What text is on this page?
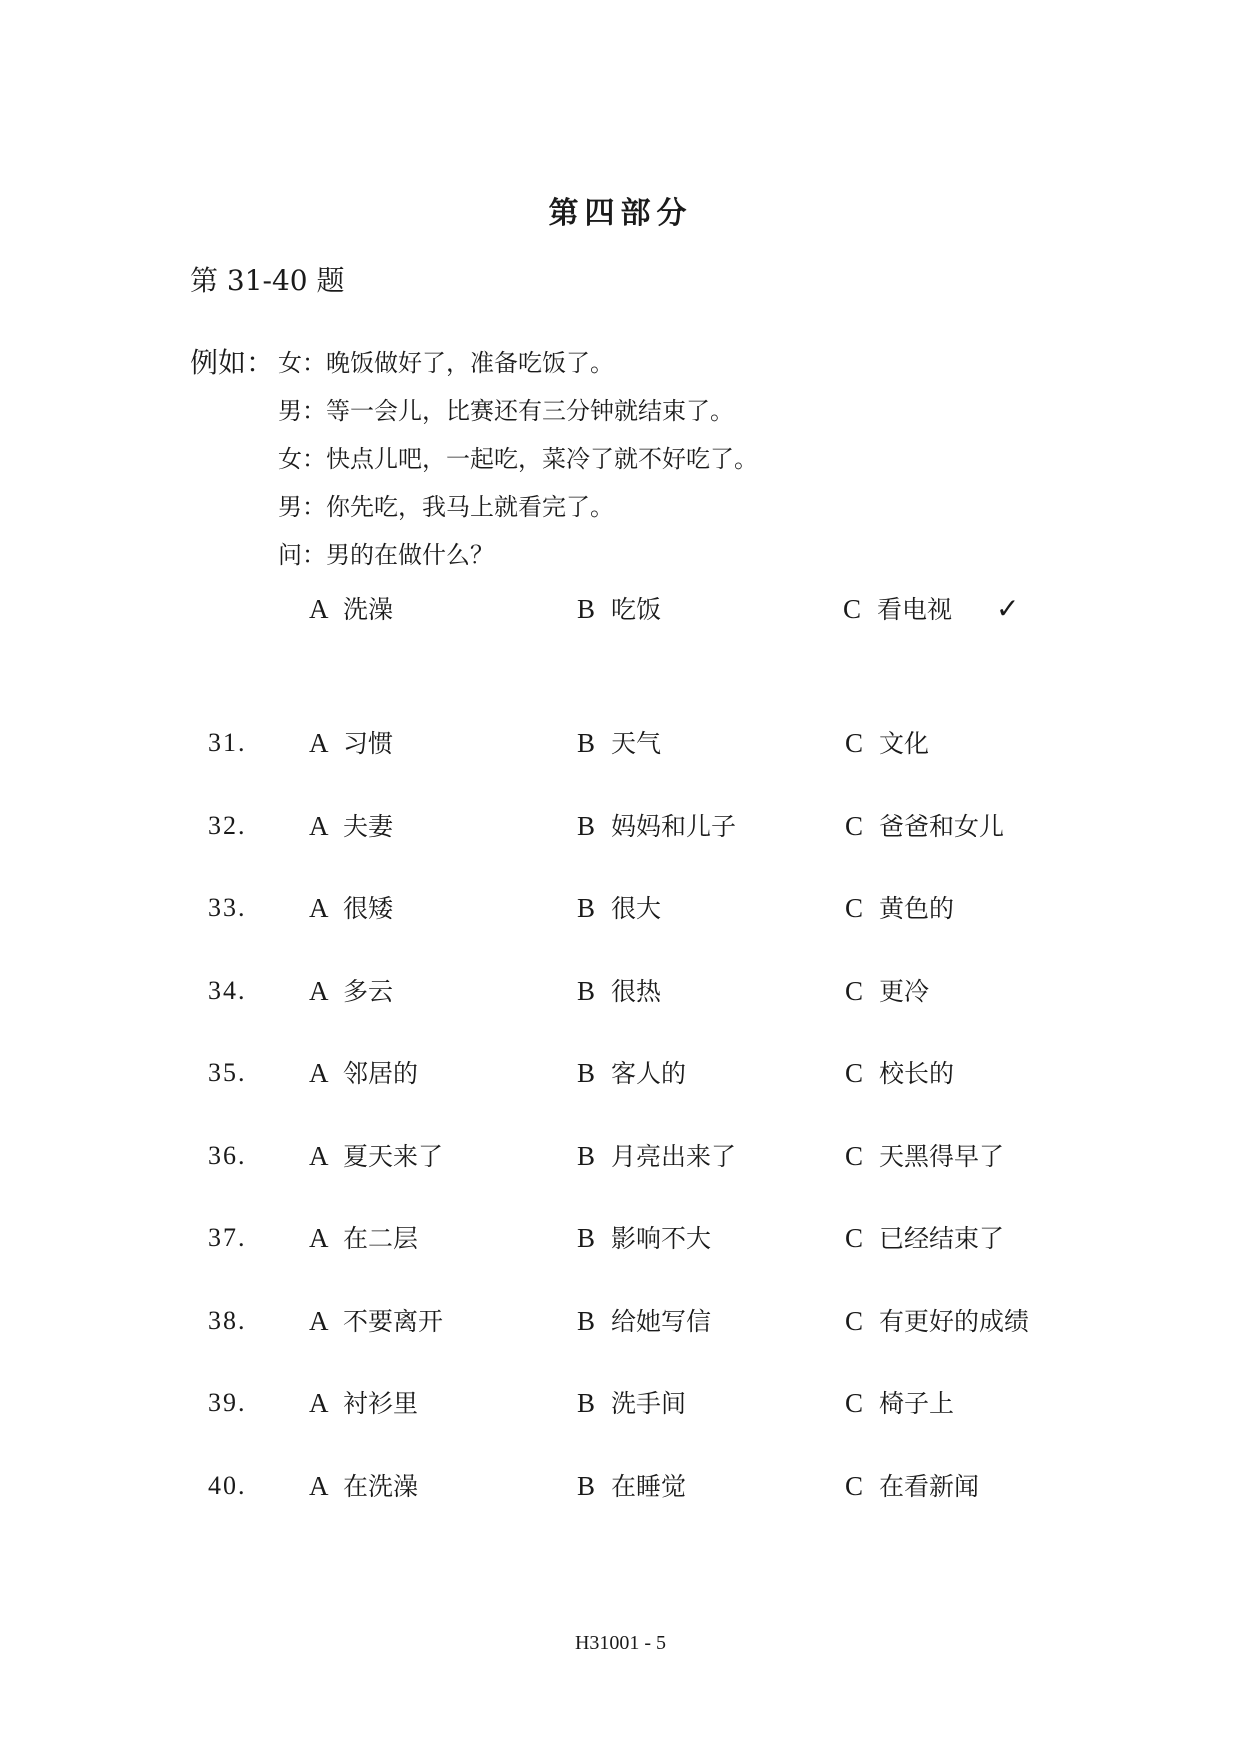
第四部分
第 31-40 题
例如： 女：晚饭做好了，准备吃饭了。
男：等一会儿，比赛还有三分钟就结束了。
女：快点儿吧，一起吃，菜冷了就不好吃了。
男：你先吃，我马上就看完了。
问：男的在做什么？
A 洗澡	B 吃饭	C 看电视 ✓
31. A 习惯	B 天气	C 文化
32. A 夫妻	B 妈妈和儿子	C 爸爸和女儿
33. A 很矮	B 很大	C 黄色的
34. A 多云	B 很热	C 更冷
35. A 邻居的	B 客人的	C 校长的
36. A 夏天来了	B 月亮出来了	C 天黑得早了
37. A 在二层	B 影响不大	C 已经结束了
38. A 不要离开	B 给她写信	C 有更好的成绩
39. A 衬衫里	B 洗手间	C 椅子上
40. A 在洗澡	B 在睡觉	C 在看新闻
H31001 - 5
